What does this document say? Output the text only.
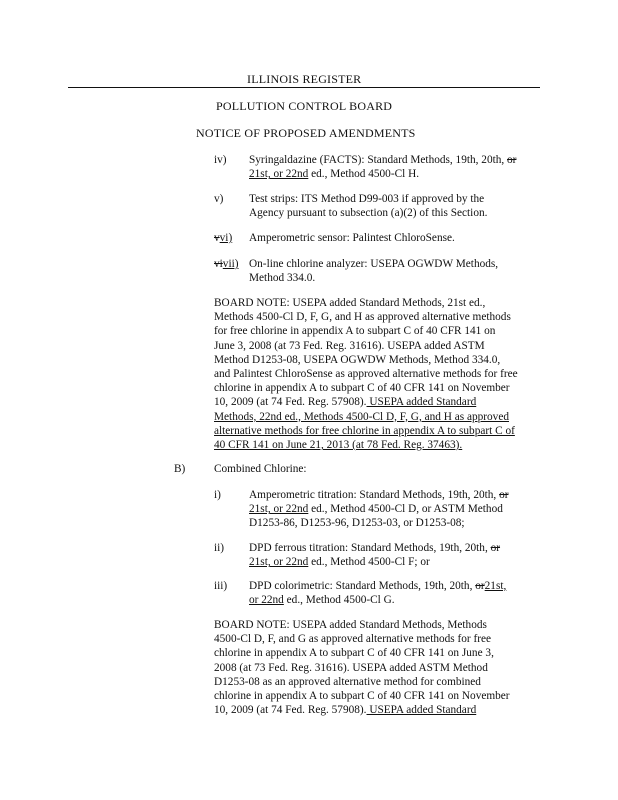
ILLINOIS REGISTER
POLLUTION CONTROL BOARD
NOTICE OF PROPOSED AMENDMENTS
iv) Syringaldazine (FACTS): Standard Methods, 19th, 20th, or
21st, or 22nd ed., Method 4500-Cl H.
v) Test strips: ITS Method D99-003 if approved by the
Agency pursuant to subsection (a)(2) of this Section.
vvi) Amperometric sensor: Palintest ChloroSense.
vivii) On-line chlorine analyzer: USEPA OGWDW Methods,
Method 334.0.
BOARD NOTE: USEPA added Standard Methods, 21st ed.,
Methods 4500-Cl D, F, G, and H as approved alternative methods
for free chlorine in appendix A to subpart C of 40 CFR 141 on
June 3, 2008 (at 73 Fed. Reg. 31616). USEPA added ASTM
Method D1253-08, USEPA OGWDW Methods, Method 334.0,
and Palintest ChloroSense as approved alternative methods for free
chlorine in appendix A to subpart C of 40 CFR 141 on November
10, 2009 (at 74 Fed. Reg. 57908). USEPA added Standard
Methods, 22nd ed., Methods 4500-Cl D, F, G, and H as approved
alternative methods for free chlorine in appendix A to subpart C of
40 CFR 141 on June 21, 2013 (at 78 Fed. Reg. 37463).
B)	Combined Chlorine:
i) Amperometric titration: Standard Methods, 19th, 20th, or
21st, or 22nd ed., Method 4500-Cl D, or ASTM Method
D1253-86, D1253-96, D1253-03, or D1253-08;
ii) DPD ferrous titration: Standard Methods, 19th, 20th, or
21st, or 22nd ed., Method 4500-Cl F; or
iii) DPD colorimetric: Standard Methods, 19th, 20th, or21st,
or 22nd ed., Method 4500-Cl G.
BOARD NOTE: USEPA added Standard Methods, Methods
4500-Cl D, F, and G as approved alternative methods for free
chlorine in appendix A to subpart C of 40 CFR 141 on June 3,
2008 (at 73 Fed. Reg. 31616). USEPA added ASTM Method
D1253-08 as an approved alternative method for combined
chlorine in appendix A to subpart C of 40 CFR 141 on November
10, 2009 (at 74 Fed. Reg. 57908). USEPA added Standard
